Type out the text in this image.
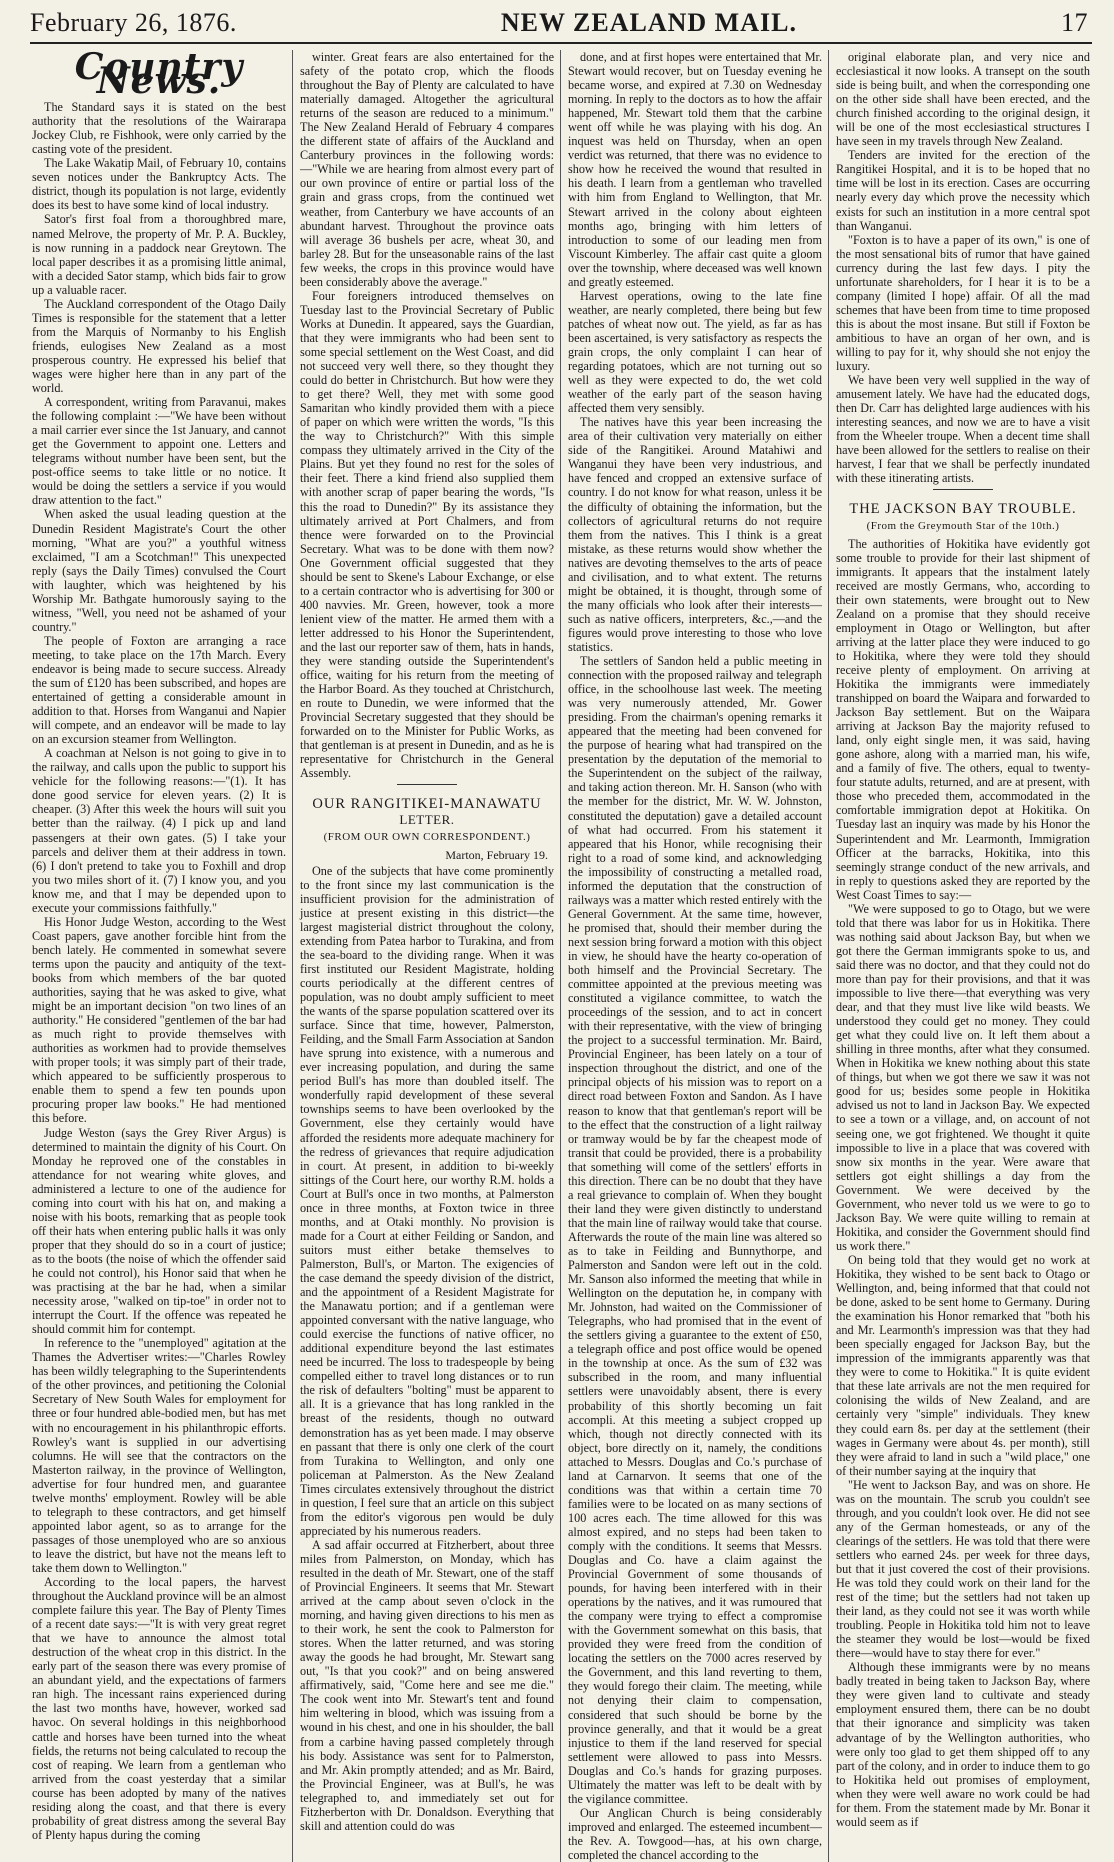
February 26, 1876.	NEW ZEALAND MAIL.	17
Country News.

The Standard says it is stated on the best authority that the resolutions of the Wairarapa Jockey Club, re Fishhook, were only carried by the casting vote of the president.

The Lake Wakatip Mail, of February 10, contains seven notices under the Bankruptcy Acts. The district, though its population is not large, evidently does its best to have some kind of local industry.

Sator's first foal from a thoroughbred mare, named Melrove, the property of Mr. P. A. Buckley, is now running in a paddock near Greytown. The local paper describes it as a promising little animal, with a decided Sator stamp, which bids fair to grow up a valuable racer.

The Auckland correspondent of the Otago Daily Times is responsible for the statement that a letter from the Marquis of Normanby to his English friends, eulogises New Zealand as a most prosperous country. He expressed his belief that wages were higher here than in any part of the world.

A correspondent, writing from Paravanui, makes the following complaint :—"We have been without a mail carrier ever since the 1st January, and cannot get the Government to appoint one. Letters and telegrams without number have been sent, but the post-office seems to take little or no notice. It would be doing the settlers a service if you would draw attention to the fact."

When asked the usual leading question at the Dunedin Resident Magistrate's Court the other morning, "What are you?" a youthful witness exclaimed, "I am a Scotchman!" This unexpected reply (says the Daily Times) convulsed the Court with laughter, which was heightened by his Worship Mr. Bathgate humorously saying to the witness, "Well, you need not be ashamed of your country."

The people of Foxton are arranging a race meeting, to take place on the 17th March. Every endeavor is being made to secure success. Already the sum of £120 has been subscribed, and hopes are entertained of getting a considerable amount in addition to that. Horses from Wanganui and Napier will compete, and an endeavor will be made to lay on an excursion steamer from Wellington.

A coachman at Nelson is not going to give in to the railway, and calls upon the public to support his vehicle for the following reasons:—"(1). It has done good service for eleven years. (2) It is cheaper. (3) After this week the hours will suit you better than the railway. (4) I pick up and land passengers at their own gates. (5) I take your parcels and deliver them at their address in town. (6) I don't pretend to take you to Foxhill and drop you two miles short of it. (7) I know you, and you know me, and that I may be depended upon to execute your commissions faithfully."

His Honor Judge Weston, according to the West Coast papers, gave another forcible hint from the bench lately. He commented in somewhat severe terms upon the paucity and antiquity of the text-books from which members of the bar quoted authorities, saying that he was asked to give, what might be an important decision "on two lines of an authority." He considered "gentlemen of the bar had as much right to provide themselves with authorities as workmen had to provide themselves with proper tools; it was simply part of their trade, which appeared to be sufficiently prosperous to enable them to spend a few ten pounds upon procuring proper law books." He had mentioned this before.

Judge Weston (says the Grey River Argus) is determined to maintain the dignity of his Court. On Monday he reproved one of the constables in attendance for not wearing white gloves, and administered a lecture to one of the audience for coming into court with his hat on, and making a noise with his boots, remarking that as people took off their hats when entering public halls it was only proper that they should do so in a court of justice; as to the boots (the noise of which the offender said he could not control), his Honor said that when he was practising at the bar he had, when a similar necessity arose, "walked on tip-toe" in order not to interrupt the Court. If the offence was repeated he should commit him for contempt.

In reference to the "unemployed" agitation at the Thames the Advertiser writes:—"Charles Rowley has been wildly telegraphing to the Superintendents of the other provinces, and petitioning the Colonial Secretary of New South Wales for employment for three or four hundred able-bodied men, but has met with no encouragement in his philanthropic efforts. Rowley's want is supplied in our advertising columns. He will see that the contractors on the Masterton railway, in the province of Wellington, advertise for four hundred men, and guarantee twelve months' employment. Rowley will be able to telegraph to these contractors, and get himself appointed labor agent, so as to arrange for the passages of those unemployed who are so anxious to leave the district, but have not the means left to take them down to Wellington."

According to the local papers, the harvest throughout the Auckland province will be an almost complete failure this year. The Bay of Plenty Times of a recent date says:—"It is with very great regret that we have to announce the almost total destruction of the wheat crop in this district. In the early part of the season there was every promise of an abundant yield, and the expectations of farmers ran high. The incessant rains experienced during the last two months have, however, worked sad havoc. On several holdings in this neighborhood cattle and horses have been turned into the wheat fields, the returns not being calculated to recoup the cost of reaping. We learn from a gentleman who arrived from the coast yesterday that a similar course has been adopted by many of the natives residing along the coast, and that there is every probability of great distress among the several Bay of Plenty hapus during the coming

winter. Great fears are also entertained for the safety of the potato crop, which the floods throughout the Bay of Plenty are calculated to have materially damaged. Altogether the agricultural returns of the season are reduced to a minimum." The New Zealand Herald of February 4 compares the different state of affairs of the Auckland and Canterbury provinces in the following words:—"While we are hearing from almost every part of our own province of entire or partial loss of the grain and grass crops, from the continued wet weather, from Canterbury we have accounts of an abundant harvest. Throughout the province oats will average 36 bushels per acre, wheat 30, and barley 28. But for the unseasonable rains of the last few weeks, the crops in this province would have been considerably above the average."

Four foreigners introduced themselves on Tuesday last to the Provincial Secretary of Public Works at Dunedin. It appeared, says the Guardian, that they were immigrants who had been sent to some special settlement on the West Coast, and did not succeed very well there, so they thought they could do better in Christchurch. But how were they to get there? Well, they met with some good Samaritan who kindly provided them with a piece of paper on which were written the words, "Is this the way to Christchurch?" With this simple compass they ultimately arrived in the City of the Plains. But yet they found no rest for the soles of their feet. There a kind friend also supplied them with another scrap of paper bearing the words, "Is this the road to Dunedin?" By its assistance they ultimately arrived at Port Chalmers, and from thence were forwarded on to the Provincial Secretary. What was to be done with them now? One Government official suggested that they should be sent to Skene's Labour Exchange, or else to a certain contractor who is advertising for 300 or 400 navvies. Mr. Green, however, took a more lenient view of the matter. He armed them with a letter addressed to his Honor the Superintendent, and the last our reporter saw of them, hats in hands, they were standing outside the Superintendent's office, waiting for his return from the meeting of the Harbor Board. As they touched at Christchurch, en route to Dunedin, we were informed that the Provincial Secretary suggested that they should be forwarded on to the Minister for Public Works, as that gentleman is at present in Dunedin, and as he is representative for Christchurch in the General Assembly.

OUR RANGITIKEI-MANAWATU
LETTER.
(FROM OUR OWN CORRESPONDENT.)
Marton, February 19.

One of the subjects that have come prominently to the front since my last communication is the insufficient provision for the administration of justice at present existing in this district—the largest magisterial district throughout the colony, extending from Patea harbor to Turakina, and from the sea-board to the dividing range. When it was first instituted our Resident Magistrate, holding courts periodically at the different centres of population, was no doubt amply sufficient to meet the wants of the sparse population scattered over its surface. Since that time, however, Palmerston, Feilding, and the Small Farm Association at Sandon have sprung into existence, with a numerous and ever increasing population, and during the same period Bull's has more than doubled itself. The wonderfully rapid development of these several townships seems to have been overlooked by the Government, else they certainly would have afforded the residents more adequate machinery for the redress of grievances that require adjudication in court. At present, in addition to bi-weekly sittings of the Court here, our worthy R.M. holds a Court at Bull's once in two months, at Palmerston once in three months, at Foxton twice in three months, and at Otaki monthly. No provision is made for a Court at either Feilding or Sandon, and suitors must either betake themselves to Palmerston, Bull's, or Marton. The exigencies of the case demand the speedy division of the district, and the appointment of a Resident Magistrate for the Manawatu portion; and if a gentleman were appointed conversant with the native language, who could exercise the functions of native officer, no additional expenditure beyond the last estimates need be incurred. The loss to tradespeople by being compelled either to travel long distances or to run the risk of defaulters "bolting" must be apparent to all. It is a grievance that has long rankled in the breast of the residents, though no outward demonstration has as yet been made. I may observe en passant that there is only one clerk of the court from Turakina to Wellington, and only one policeman at Palmerston. As the New Zealand Times circulates extensively throughout the district in question, I feel sure that an article on this subject from the editor's vigorous pen would be duly appreciated by his numerous readers.

A sad affair occurred at Fitzherbert, about three miles from Palmerston, on Monday, which has resulted in the death of Mr. Stewart, one of the staff of Provincial Engineers. It seems that Mr. Stewart arrived at the camp about seven o'clock in the morning, and having given directions to his men as to their work, he sent the cook to Palmerston for stores. When the latter returned, and was storing away the goods he had brought, Mr. Stewart sang out, "Is that you cook?" and on being answered affirmatively, said, "Come here and see me die." The cook went into Mr. Stewart's tent and found him weltering in blood, which was issuing from a wound in his chest, and one in his shoulder, the ball from a carbine having passed completely through his body. Assistance was sent for to Palmerston, and Mr. Akin promptly attended; and as Mr. Baird, the Provincial Engineer, was at Bull's, he was telegraphed to, and immediately set out for Fitzherberton with Dr. Donaldson. Everything that skill and attention could do was

done, and at first hopes were entertained that Mr. Stewart would recover, but on Tuesday evening he became worse, and expired at 7.30 on Wednesday morning. In reply to the doctors as to how the affair happened, Mr. Stewart told them that the carbine went off while he was playing with his dog. An inquest was held on Thursday, when an open verdict was returned, that there was no evidence to show how he received the wound that resulted in his death. I learn from a gentleman who travelled with him from England to Wellington, that Mr. Stewart arrived in the colony about eighteen months ago, bringing with him letters of introduction to some of our leading men from Viscount Kimberley. The affair cast quite a gloom over the township, where deceased was well known and greatly esteemed.

Harvest operations, owing to the late fine weather, are nearly completed, there being but few patches of wheat now out. The yield, as far as has been ascertained, is very satisfactory as respects the grain crops, the only complaint I can hear of regarding potatoes, which are not turning out so well as they were expected to do, the wet cold weather of the early part of the season having affected them very sensibly.

The natives have this year been increasing the area of their cultivation very materially on either side of the Rangitikei. Around Matahiwi and Wanganui they have been very industrious, and have fenced and cropped an extensive surface of country. I do not know for what reason, unless it be the difficulty of obtaining the information, but the collectors of agricultural returns do not require them from the natives. This I think is a great mistake, as these returns would show whether the natives are devoting themselves to the arts of peace and civilisation, and to what extent. The returns might be obtained, it is thought, through some of the many officials who look after their interests—such as native officers, interpreters, &c.,—and the figures would prove interesting to those who love statistics.

The settlers of Sandon held a public meeting in connection with the proposed railway and telegraph office, in the schoolhouse last week. The meeting was very numerously attended, Mr. Gower presiding. From the chairman's opening remarks it appeared that the meeting had been convened for the purpose of hearing what had transpired on the presentation by the deputation of the memorial to the Superintendent on the subject of the railway, and taking action thereon. Mr. H. Sanson (who with the member for the district, Mr. W. W. Johnston, constituted the deputation) gave a detailed account of what had occurred. From his statement it appeared that his Honor, while recognising their right to a road of some kind, and acknowledging the impossibility of constructing a metalled road, informed the deputation that the construction of railways was a matter which rested entirely with the General Government. At the same time, however, he promised that, should their member during the next session bring forward a motion with this object in view, he should have the hearty co-operation of both himself and the Provincial Secretary. The committee appointed at the previous meeting was constituted a vigilance committee, to watch the proceedings of the session, and to act in concert with their representative, with the view of bringing the project to a successful termination. Mr. Baird, Provincial Engineer, has been lately on a tour of inspection throughout the district, and one of the principal objects of his mission was to report on a direct road between Foxton and Sandon. As I have reason to know that that gentleman's report will be to the effect that the construction of a light railway or tramway would be by far the cheapest mode of transit that could be provided, there is a probability that something will come of the settlers' efforts in this direction. There can be no doubt that they have a real grievance to complain of. When they bought their land they were given distinctly to understand that the main line of railway would take that course. Afterwards the route of the main line was altered so as to take in Feilding and Bunnythorpe, and Palmerston and Sandon were left out in the cold. Mr. Sanson also informed the meeting that while in Wellington on the deputation he, in company with Mr. Johnston, had waited on the Commissioner of Telegraphs, who had promised that in the event of the settlers giving a guarantee to the extent of £50, a telegraph office and post office would be opened in the township at once. As the sum of £32 was subscribed in the room, and many influential settlers were unavoidably absent, there is every probability of this shortly becoming un fait accompli. At this meeting a subject cropped up which, though not directly connected with its object, bore directly on it, namely, the conditions attached to Messrs. Douglas and Co.'s purchase of land at Carnarvon. It seems that one of the conditions was that within a certain time 70 families were to be located on as many sections of 100 acres each. The time allowed for this was almost expired, and no steps had been taken to comply with the conditions. It seems that Messrs. Douglas and Co. have a claim against the Provincial Government of some thousands of pounds, for having been interfered with in their operations by the natives, and it was rumoured that the company were trying to effect a compromise with the Government somewhat on this basis, that provided they were freed from the condition of locating the settlers on the 7000 acres reserved by the Government, and this land reverting to them, they would forego their claim. The meeting, while not denying their claim to compensation, considered that such should be borne by the province generally, and that it would be a great injustice to them if the land reserved for special settlement were allowed to pass into Messrs. Douglas and Co.'s hands for grazing purposes. Ultimately the matter was left to be dealt with by the vigilance committee.

Our Anglican Church is being considerably improved and enlarged. The esteemed incumbent—the Rev. A. Towgood—has, at his own charge, completed the chancel according to the

original elaborate plan, and very nice and ecclesiastical it now looks. A transept on the south side is being built, and when the corresponding one on the other side shall have been erected, and the church finished according to the original design, it will be one of the most ecclesiastical structures I have seen in my travels through New Zealand.

Tenders are invited for the erection of the Rangitikei Hospital, and it is to be hoped that no time will be lost in its erection. Cases are occurring nearly every day which prove the necessity which exists for such an institution in a more central spot than Wanganui.

"Foxton is to have a paper of its own," is one of the most sensational bits of rumor that have gained currency during the last few days. I pity the unfortunate shareholders, for I hear it is to be a company (limited I hope) affair. Of all the mad schemes that have been from time to time proposed this is about the most insane. But still if Foxton be ambitious to have an organ of her own, and is willing to pay for it, why should she not enjoy the luxury.

We have been very well supplied in the way of amusement lately. We have had the educated dogs, then Dr. Carr has delighted large audiences with his interesting seances, and now we are to have a visit from the Wheeler troupe. When a decent time shall have been allowed for the settlers to realise on their harvest, I fear that we shall be perfectly inundated with these itinerating artists.

THE JACKSON BAY TROUBLE.
(From the Greymouth Star of the 10th.)

The authorities of Hokitika have evidently got some trouble to provide for their last shipment of immigrants. It appears that the instalment lately received are mostly Germans, who, according to their own statements, were brought out to New Zealand on a promise that they should receive employment in Otago or Wellington, but after arriving at the latter place they were induced to go to Hokitika, where they were told they should receive plenty of employment. On arriving at Hokitika the immigrants were immediately transhipped on board the Waipara and forwarded to Jackson Bay settlement. But on the Waipara arriving at Jackson Bay the majority refused to land, only eight single men, it was said, having gone ashore, along with a married man, his wife, and a family of five. The others, equal to twenty-four statute adults, returned, and are at present, with those who preceded them, accommodated in the comfortable immigration depot at Hokitika. On Tuesday last an inquiry was made by his Honor the Superintendent and Mr. Learmonth, Immigration Officer at the barracks, Hokitika, into this seemingly strange conduct of the new arrivals, and in reply to questions asked they are reported by the West Coast Times to say:—

"We were supposed to go to Otago, but we were told that there was labor for us in Hokitika. There was nothing said about Jackson Bay, but when we got there the German immigrants spoke to us, and said there was no doctor, and that they could not do more than pay for their provisions, and that it was impossible to live there—that everything was very dear, and that they must live like wild beasts. We understood they could get no money. They could get what they could live on. It left them about a shilling in three months, after what they consumed. When in Hokitika we knew nothing about this state of things, but when we got there we saw it was not good for us; besides some people in Hokitika advised us not to land in Jackson Bay. We expected to see a town or a village, and, on account of not seeing one, we got frightened. We thought it quite impossible to live in a place that was covered with snow six months in the year. Were aware that settlers got eight shillings a day from the Government. We were deceived by the Government, who never told us we were to go to Jackson Bay. We were quite willing to remain at Hokitika, and consider the Government should find us work there."

On being told that they would get no work at Hokitika, they wished to be sent back to Otago or Wellington, and, being informed that that could not be done, asked to be sent home to Germany. During the examination his Honor remarked that "both his and Mr. Learmonth's impression was that they had been specially engaged for Jackson Bay, but the impression of the immigrants apparently was that they were to come to Hokitika." It is quite evident that these late arrivals are not the men required for colonising the wilds of New Zealand, and are certainly very "simple" individuals. They knew they could earn 8s. per day at the settlement (their wages in Germany were about 4s. per month), still they were afraid to land in such a "wild place," one of their number saying at the inquiry that

"He went to Jackson Bay, and was on shore. He was on the mountain. The scrub you couldn't see through, and you couldn't look over. He did not see any of the German homesteads, or any of the clearings of the settlers. He was told that there were settlers who earned 24s. per week for three days, but that it just covered the cost of their provisions. He was told they could work on their land for the rest of the time; but the settlers had not taken up their land, as they could not see it was worth while troubling. People in Hokitika told him not to leave the steamer they would be lost—would be fixed there—would have to stay there for ever."

Although these immigrants were by no means badly treated in being taken to Jackson Bay, where they were given land to cultivate and steady employment ensured them, there can be no doubt that their ignorance and simplicity was taken advantage of by the Wellington authorities, who were only too glad to get them shipped off to any part of the colony, and in order to induce them to go to Hokitika held out promises of employment, when they were well aware no work could be had for them. From the statement made by Mr. Bonar it would seem as if
